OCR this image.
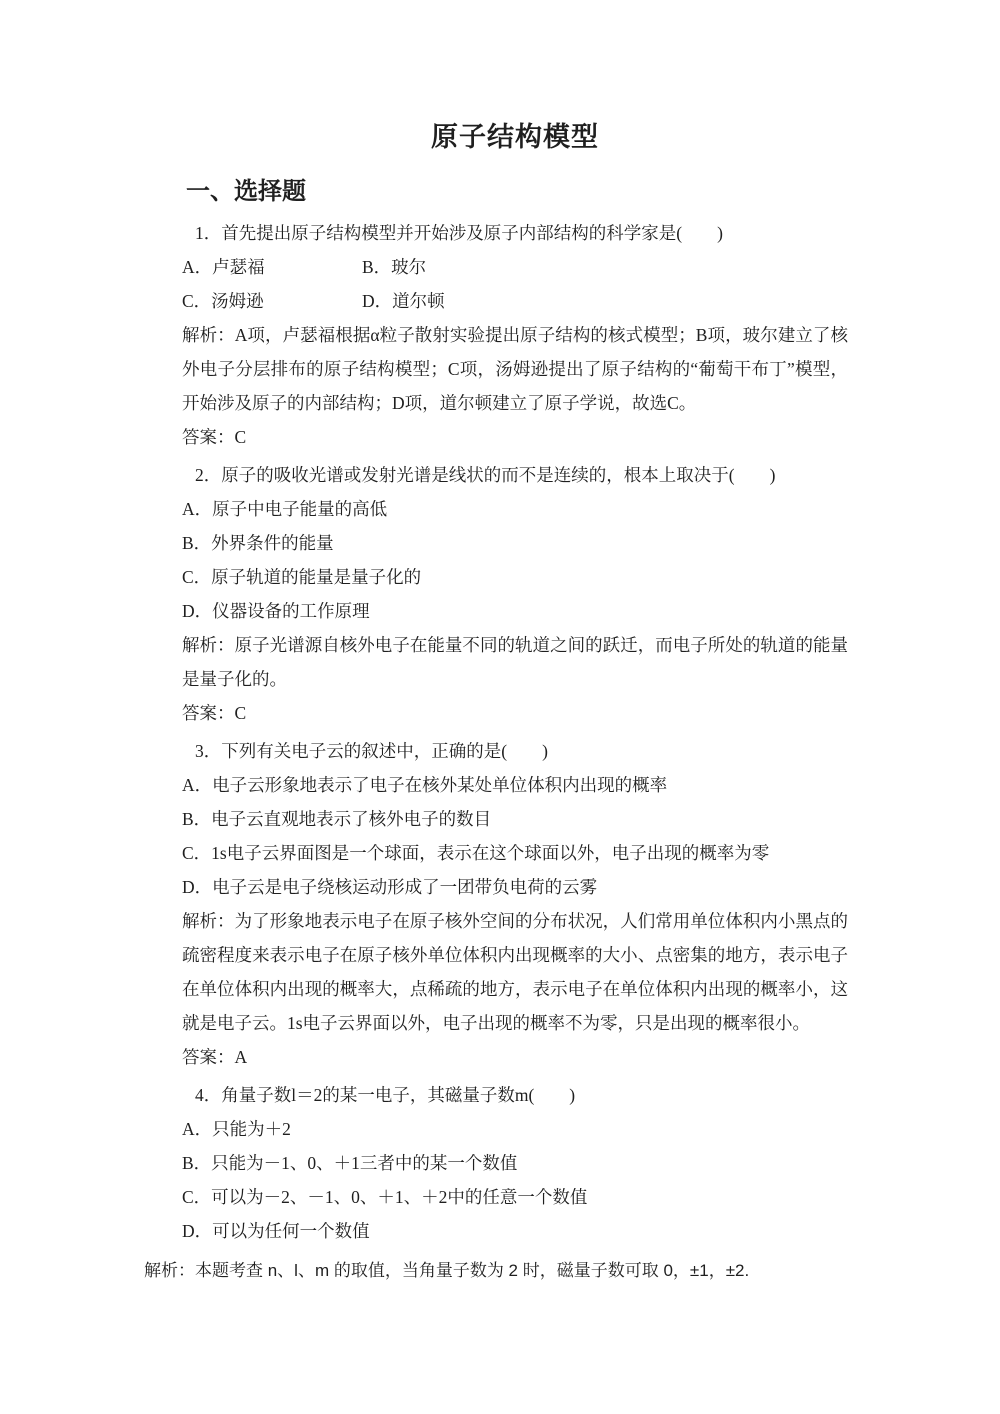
原子结构模型
一、选择题

1．首先提出原子结构模型并开始涉及原子内部结构的科学家是(　　)

A．卢瑟福	B．玻尔
C．汤姆逊	D．道尔顿

解析：A项，卢瑟福根据α粒子散射实验提出原子结构的核式模型；B项，玻尔建立了核外电子分层排布的原子结构模型；C项，汤姆逊提出了原子结构的“葡萄干布丁”模型，开始涉及原子的内部结构；D项，道尔顿建立了原子学说，故选C。

答案：C

2．原子的吸收光谱或发射光谱是线状的而不是连续的，根本上取决于(　　)

A．原子中电子能量的高低

B．外界条件的能量

C．原子轨道的能量是量子化的

D．仪器设备的工作原理

解析：原子光谱源自核外电子在能量不同的轨道之间的跃迁，而电子所处的轨道的能量是量子化的。

答案：C

3．下列有关电子云的叙述中，正确的是(　　)

A．电子云形象地表示了电子在核外某处单位体积内出现的概率

B．电子云直观地表示了核外电子的数目

C．1s电子云界面图是一个球面，表示在这个球面以外，电子出现的概率为零

D．电子云是电子绕核运动形成了一团带负电荷的云雾

解析：为了形象地表示电子在原子核外空间的分布状况，人们常用单位体积内小黑点的疏密程度来表示电子在原子核外单位体积内出现概率的大小、点密集的地方，表示电子在单位体积内出现的概率大，点稀疏的地方，表示电子在单位体积内出现的概率小，这就是电子云。1s电子云界面以外，电子出现的概率不为零，只是出现的概率很小。

答案：A

4．角量子数l＝2的某一电子，其磁量子数m(　　)

A．只能为＋2

B．只能为－1、0、＋1三者中的某一个数值

C．可以为－2、－1、0、＋1、＋2中的任意一个数值

D．可以为任何一个数值

解析：本题考查 n、l、m 的取值，当角量子数为 2 时，磁量子数可取 0，±1，±2.
